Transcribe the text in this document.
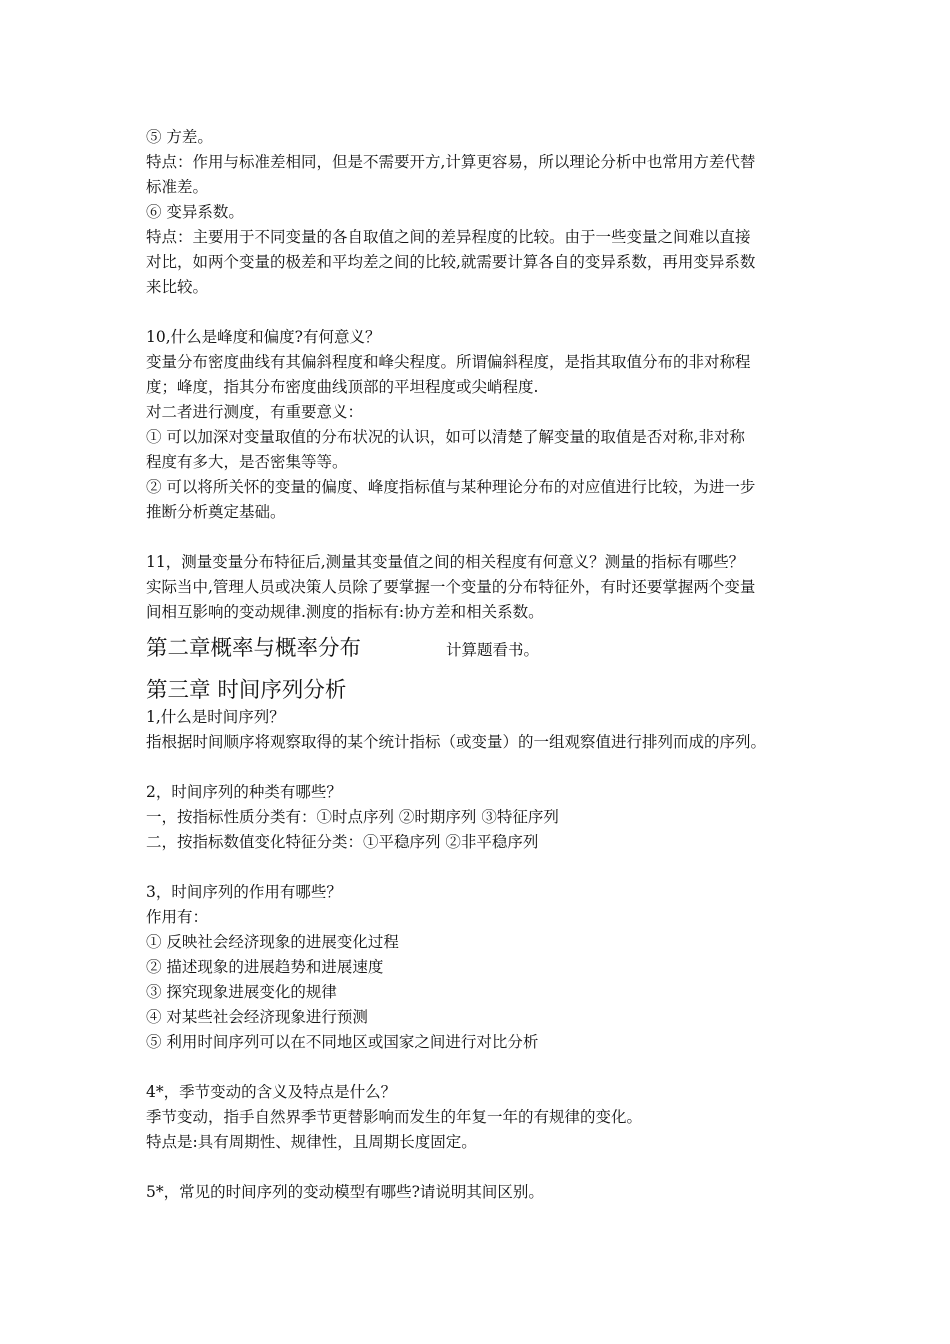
⑤ 方差。
特点：作用与标准差相同，但是不需要开方,计算更容易，所以理论分析中也常用方差代替
标准差。
⑥ 变异系数。
特点：主要用于不同变量的各自取值之间的差异程度的比较。由于一些变量之间难以直接
对比，如两个变量的极差和平均差之间的比较,就需要计算各自的变异系数，再用变异系数
来比较。
10,什么是峰度和偏度?有何意义？
变量分布密度曲线有其偏斜程度和峰尖程度。所谓偏斜程度，是指其取值分布的非对称程
度；峰度，指其分布密度曲线顶部的平坦程度或尖峭程度.
对二者进行测度，有重要意义：
① 可以加深对变量取值的分布状况的认识，如可以清楚了解变量的取值是否对称,非对称
程度有多大，是否密集等等。
② 可以将所关怀的变量的偏度、峰度指标值与某种理论分布的对应值进行比较，为进一步
推断分析奠定基础。
11，测量变量分布特征后,测量其变量值之间的相关程度有何意义？测量的指标有哪些？
实际当中,管理人员或决策人员除了要掌握一个变量的分布特征外，有时还要掌握两个变量
间相互影响的变动规律.测度的指标有:协方差和相关系数。
第二章概率与概率分布	计算题看书。
第三章 时间序列分析
1,什么是时间序列？
指根据时间顺序将观察取得的某个统计指标（或变量）的一组观察值进行排列而成的序列。
2，时间序列的种类有哪些？
一，按指标性质分类有：①时点序列 ②时期序列 ③特征序列
二，按指标数值变化特征分类：①平稳序列 ②非平稳序列
3，时间序列的作用有哪些？
作用有：
① 反映社会经济现象的进展变化过程
② 描述现象的进展趋势和进展速度
③ 探究现象进展变化的规律
④ 对某些社会经济现象进行预测
⑤ 利用时间序列可以在不同地区或国家之间进行对比分析
4*，季节变动的含义及特点是什么？
季节变动，指手自然界季节更替影响而发生的年复一年的有规律的变化。
特点是:具有周期性、规律性，且周期长度固定。
5*，常见的时间序列的变动模型有哪些?请说明其间区别。
